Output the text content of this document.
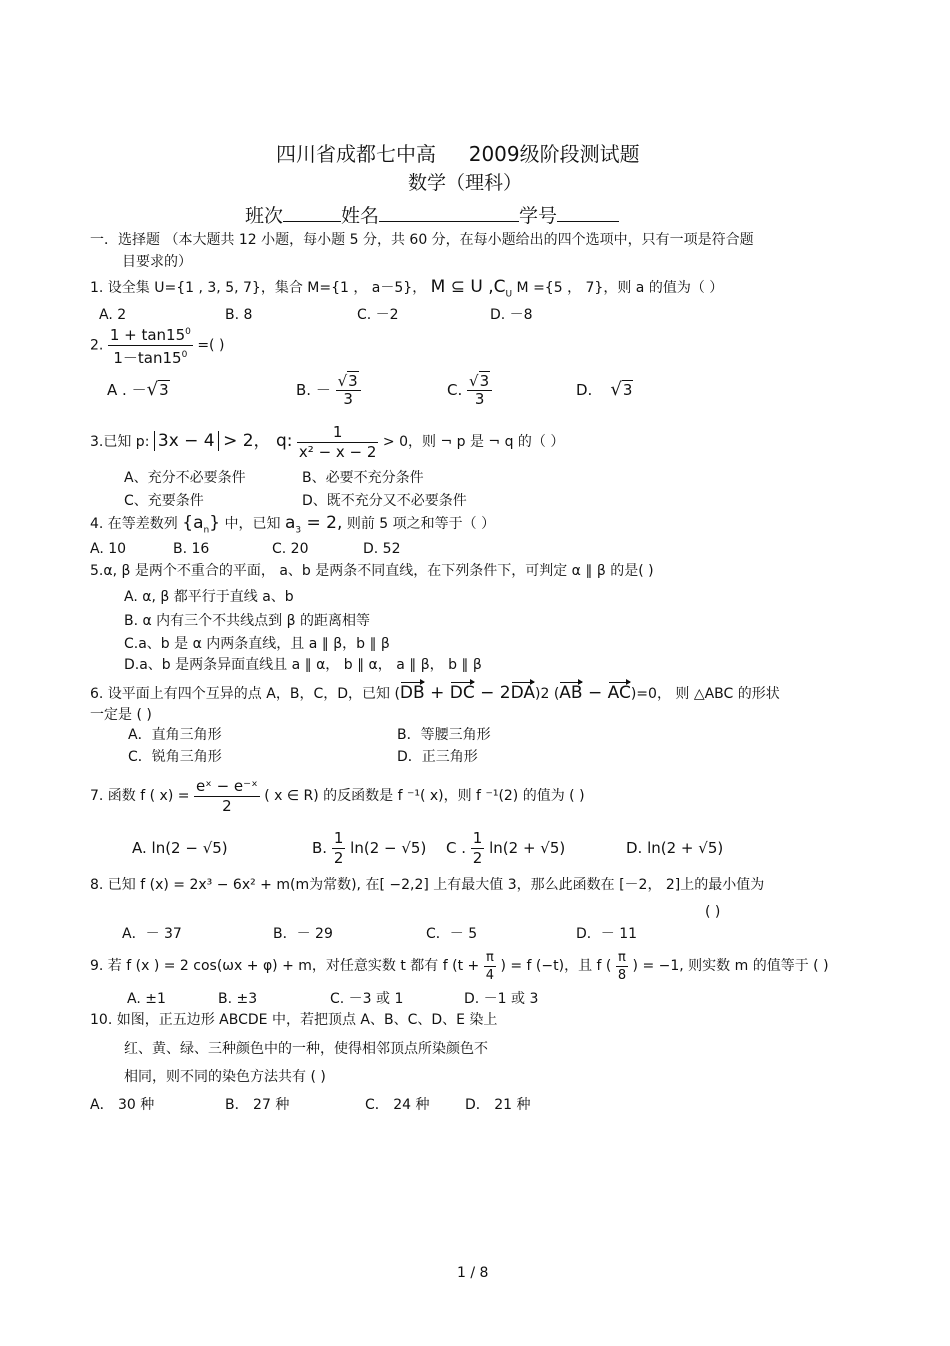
四川省成都七中高 2009级阶段测试题
数学（理科）
班次	姓名	学号
一．选择题 （本大题共 12 小题，每小题 5 分，共 60 分，在每小题给出的四个选项中，只有一项是符合题
目要求的）
1. 设全集 U={1 , 3, 5, 7}，集合 M={1 ， a－5}， M ⊆ U $,C_U$ M ={5 ， 7}，则 a 的值为（ ）
A. 2	B. 8	C. －2	D. －8
2. $\frac{1 + \tan 15^0}{1-\tan 15^0}$ =( )
A . －√3	B. － $\frac{√3}{3}$	C. $\frac{√3}{3}$	D. √3
3.已知 p: 3x − 4 > 2， q: $\frac{1}{\text{x² − x − 2}} > 0$，则 ¬ p 是 ¬ q 的（ ）
A、充分不必要条件	B、必要不充分条件
C、充要条件	D、既不充分又不必要条件
4. 在等差数列 $\{a_n\}$ 中，已知 $a_3 = 2$, 则前 5 项之和等于（ ）
A. 10	B. 16	C. 20	D. 52
5.α, β 是两个不重合的平面， a、b 是两条不同直线，在下列条件下，可判定 α ∥ β 的是( )
A. α, β 都平行于直线 a、b
B. α 内有三个不共线点到 β 的距离相等
C.a、b 是 α 内两条直线，且 a ∥ β，b ∥ β
D.a、b 是两条异面直线且 a ∥ α， b ∥ α， a ∥ β， b ∥ β
6. 设平面上有四个互异的点 A，B，C，D，已知 (DB + DC − 2DA)2 (AB − AC)=0， 则 △ABC 的形状
一定是 ( )
A．直角三角形	B．等腰三角形
C．锐角三角形	D．正三角形
7. 函数 f ( $x) = \frac{\text{eˣ − e⁻ˣ}}{2}$ ( x ∈ R) 的反函数是 f ⁻¹( x)，则 f ⁻¹(2) 的值为 ( )
A. ln(2 − √5)	B. $\frac{1}{2} \ln(2 - √5)$ C . $\frac{1}{2} \ln(2 + √5)$	D. ln(2 + √5)
8. 已知 f (x) = 2x³ − 6x² + m(m为常数), 在[ −2,2] 上有最大值 3，那么此函数在 [－2， 2]上的最小值为
( )
A．－ 37	B．－ 29	C．－ 5	D．－ 11
9. 若 f (x ) = 2 cos(ωx + φ) + m，对任意实数 t 都有 f ($t + \frac{\pi}{4}$ ) = f (−t)，且 f ( $\frac{\pi}{8}$ ) = −1, 则实数 m 的值等于 ( )
A. ±1	B. ±3	C. －3 或 1	D. －1 或 3
10. 如图，正五边形 ABCDE 中，若把顶点 A、B、C、D、E 染上
红、黄、绿、三种颜色中的一种，使得相邻顶点所染颜色不
相同，则不同的染色方法共有 ( )
A． 30 种	B． 27 种	C． 24 种	D． 21 种
1 / 8
